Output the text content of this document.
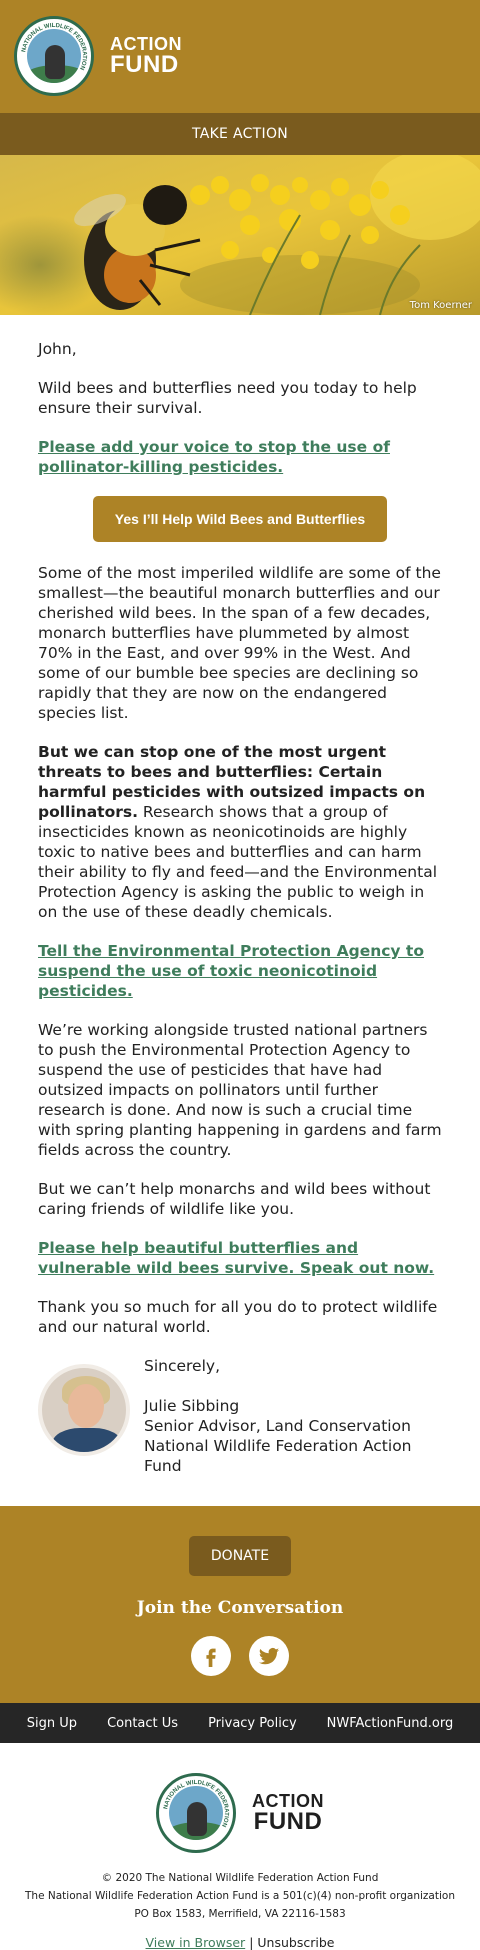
NATIONAL WILDLIFE FEDERATION
ACTION
FUND
TAKE ACTION
Tom Koerner

John,

Wild bees and butterflies need you today to help ensure their survival.

Please add your voice to stop the use of pollinator-killing pesticides.
Yes I’ll Help Wild Bees and Butterflies

Some of the most imperiled wildlife are some of the smallest—the beautiful monarch butterflies and our cherished wild bees. In the span of a few decades, monarch butterflies have plummeted by almost 70% in the East, and over 99% in the West. And some of our bumble bee species are declining so rapidly that they are now on the endangered species list.

But we can stop one of the most urgent threats to bees and butterflies: Certain harmful pesticides with outsized impacts on pollinators. Research shows that a group of insecticides known as neonicotinoids are highly toxic to native bees and butterflies and can harm their ability to fly and feed—and the Environmental Protection Agency is asking the public to weigh in on the use of these deadly chemicals.

Tell the Environmental Protection Agency to suspend the use of toxic neonicotinoid pesticides.

We’re working alongside trusted national partners to push the Environmental Protection Agency to suspend the use of pesticides that have had outsized impacts on pollinators until further research is done. And now is such a crucial time with spring planting happening in gardens and farm fields across the country.

But we can’t help monarchs and wild bees without caring friends of wildlife like you.

Please help beautiful butterflies and vulnerable wild bees survive. Speak out now.

Thank you so much for all you do to protect wildlife and our natural world.

Sincerely,
Julie Sibbing
Senior Advisor, Land Conservation
National Wildlife Federation Action Fund
DONATE
Join the Conversation
Sign Up Contact Us Privacy Policy NWFActionFund.org
NATIONAL WILDLIFE FEDERATION
ACTION
FUND
© 2020 The National Wildlife Federation Action Fund
The National Wildlife Federation Action Fund is a 501(c)(4) non-profit organization
PO Box 1583, Merrifield, VA 22116-1583
View in Browser | Unsubscribe
